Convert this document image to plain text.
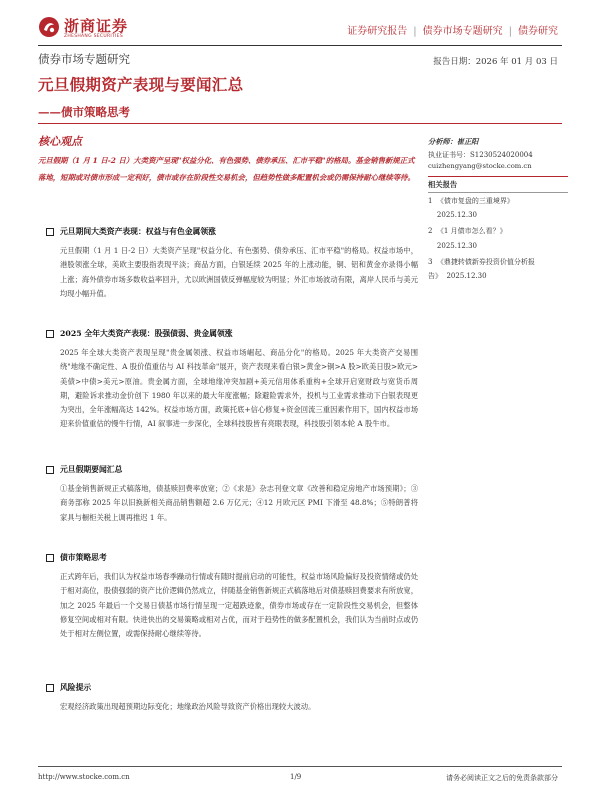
浙商证券
ZHESHANG SECURITIES	证券研究报告 | 债券市场专题研究 | 债券研究
债券市场专题研究	报告日期：2026 年 01 月 03 日
元旦假期资产表现与要闻汇总
——债市策略思考
核心观点
元旦假期（1 月 1 日-2 日）大类资产呈现"权益分化、有色强势、债券承压、汇市平稳"的格局。基金销售新规正式落地，短期或对债市形成一定利好，债市或存在阶段性交易机会，但趋势性做多配置机会或仍需保持耐心继续等待。
元旦期间大类资产表现：权益与有色金属领涨
元旦假期（1 月 1 日-2 日）大类资产呈现"权益分化、有色强势、债券承压、汇市平稳"的格局。权益市场中，港股领涨全球，美欧主要股指表现平淡；商品方面，白银延续 2025 年的上涨动能，铜、铝和黄金亦录得小幅上涨；海外债券市场多数收益率回升，尤以欧洲国债反弹幅度较为明显；外汇市场波动有限，离岸人民币与美元均现小幅升值。
2025 全年大类资产表现：股强债弱、贵金属领涨
2025 年全球大类资产表现呈现"贵金属领涨、权益市场崛起、商品分化"的格局。2025 年大类资产交易围绕"地缘不确定性、A 股价值重估与 AI 科技革命"展开，资产表现来看白银>黄金>铜>A 股>欧美日股>欧元>美债>中债>美元>原油。贵金属方面，全球地缘冲突加剧+美元信用体系重构+全球开启宽财政与宽货币周期，避险诉求推动金价创下 1980 年以来的最大年度涨幅；除避险需求外，投机与工业需求推动下白银表现更为突出，全年涨幅高达 142%。权益市场方面，政策托底+信心修复+资金回流三重因素作用下，国内权益市场迎来价值重估的慢牛行情，AI 叙事进一步深化，全球科技股皆有亮眼表现，科技股引领本轮 A 股牛市。
元旦假期要闻汇总
①基金销售新规正式稿落地，债基赎回费率放宽；②《求是》杂志刊登文章《改善和稳定房地产市场预期》；③商务部称 2025 年以旧换新相关商品销售额超 2.6 万亿元；④12 月欧元区 PMI 下滑至 48.8%；⑤特朗普将家具与橱柜关税上调再推迟 1 年。
债市策略思考
正式跨年后，我们认为权益市场春季躁动行情或有随时提前启动的可能性，权益市场风险偏好及投资情绪或仍处于相对高位，股债强弱的资产比价逻辑仍然成立，伴随基金销售新规正式稿落地后对债基赎回费要求有所放宽，加之 2025 年最后一个交易日债基市场行情呈现一定超跌迹象，债券市场或存在一定阶段性交易机会，但整体修复空间或相对有限。快进快出的交易策略或相对占优，而对于趋势性的做多配置机会，我们认为当前时点或仍处于相对左侧位置，或需保持耐心继续等待。
风险提示
宏观经济政策出现超预期边际变化；地缘政治风险导致资产价格出现较大波动。
分析师：崔正阳
执业证书号：S1230524020004
cuizhengyang@stocke.com.cn
相关报告
1 《债市复盘的三重境界》
2025.12.30
2 《1 月债市怎么看？》
2025.12.30
3 《鼎捷转债新券投资价值分析报告》 2025.12.30
http://www.stocke.com.cn	1/9	请务必阅读正文之后的免责条款部分
